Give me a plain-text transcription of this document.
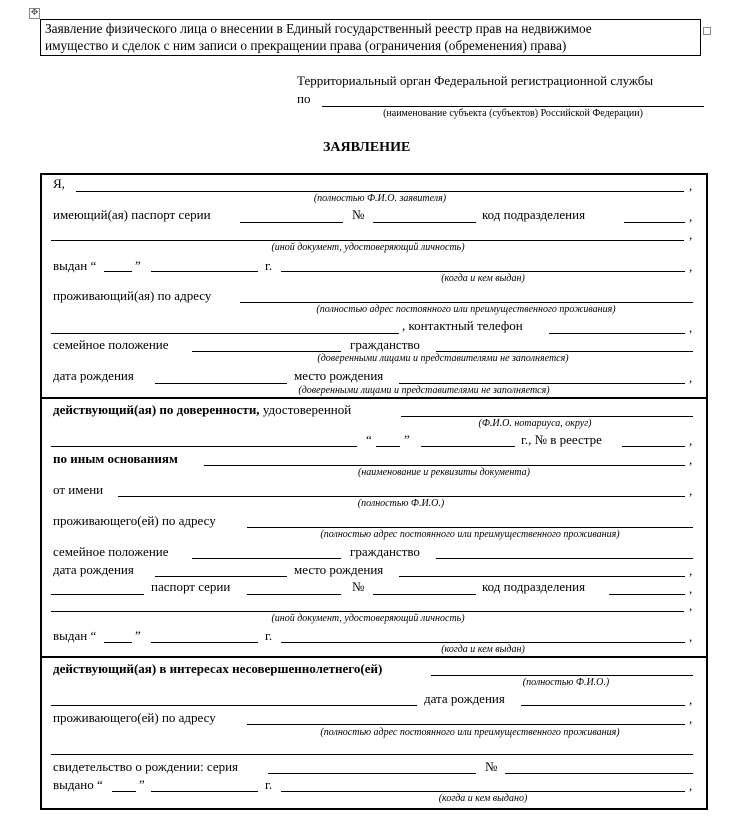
✥
Заявление физического лица о внесении в Единый государственный реестр прав на недвижимое
имущество и сделок с ним записи о прекращении права (ограничения (обременения) права)
Территориальный орган Федеральной регистрационной службы
по
(наименование субъекта (субъектов) Российской Федерации)
ЗАЯВЛЕНИЕ
Я,	,
(полностью Ф.И.О. заявителя)
имеющий(ая) паспорт серии	№	код подразделения	,
,
(иной документ, удостоверяющий личность)
выдан “	”	г.	,
(когда и кем выдан)
проживающий(ая) по адресу
(полностью адрес постоянного или преимущественного проживания)
, контактный телефон	,
семейное положение	гражданство
(доверенными лицами и представителями не заполняется)
дата рождения	место рождения	,
(доверенными лицами и представителями не заполняется)
действующий(ая) по доверенности, удостоверенной
(Ф.И.О. нотариуса, округ)
“ ”	г., № в реестре	,
по иным основаниям	,
(наименование и реквизиты документа)
от имени	,
(полностью Ф.И.О.)
проживающего(ей) по адресу
(полностью адрес постоянного или преимущественного проживания)
семейное положение	гражданство
дата рождения	место рождения	,
паспорт серии	№	код подразделения	,
,
(иной документ, удостоверяющий личность)
выдан “	”	г.	,
(когда и кем выдан)
действующий(ая) в интересах несовершеннолетнего(ей)
(полностью Ф.И.О.)
дата рождения	,
проживающего(ей) по адресу	,
(полностью адрес постоянного или преимущественного проживания)
свидетельство о рождении: серия	№
выдано “	”	г.	,
(когда и кем выдано)
